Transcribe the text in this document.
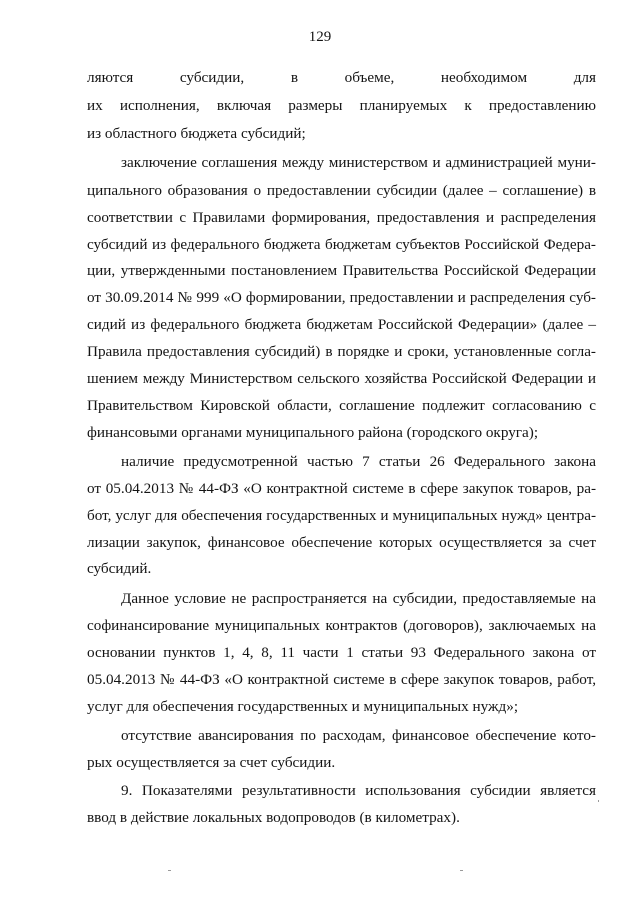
129
ляются субсидии, в объеме, необходимом для
их исполнения, включая размеры планируемых к предоставлению
из областного бюджета субсидий;
заключение соглашения между министерством и администрацией муни-
ципального образования о предоставлении субсидии (далее – соглашение) в
соответствии с Правилами формирования, предоставления и распределения
субсидий из федерального бюджета бюджетам субъектов Российской Федера-
ции, утвержденными постановлением Правительства Российской Федерации
от 30.09.2014 № 999 «О формировании, предоставлении и распределения суб-
сидий из федерального бюджета бюджетам Российской Федерации» (далее –
Правила предоставления субсидий) в порядке и сроки, установленные согла-
шением между Министерством сельского хозяйства Российской Федерации и
Правительством Кировской области, соглашение подлежит согласованию с
финансовыми органами муниципального района (городского округа);
наличие предусмотренной частью 7 статьи 26 Федерального закона
от 05.04.2013 № 44-ФЗ «О контрактной системе в сфере закупок товаров, ра-
бот, услуг для обеспечения государственных и муниципальных нужд» центра-
лизации закупок, финансовое обеспечение которых осуществляется за счет
субсидий.
Данное условие не распространяется на субсидии, предоставляемые на
софинансирование муниципальных контрактов (договоров), заключаемых на
основании пунктов 1, 4, 8, 11 части 1 статьи 93 Федерального закона от
05.04.2013 № 44-ФЗ «О контрактной системе в сфере закупок товаров, работ,
услуг для обеспечения государственных и муниципальных нужд»;
отсутствие авансирования по расходам, финансовое обеспечение кото-
рых осуществляется за счет субсидии.
9. Показателями результативности использования субсидии является
ввод в действие локальных водопроводов (в километрах).
